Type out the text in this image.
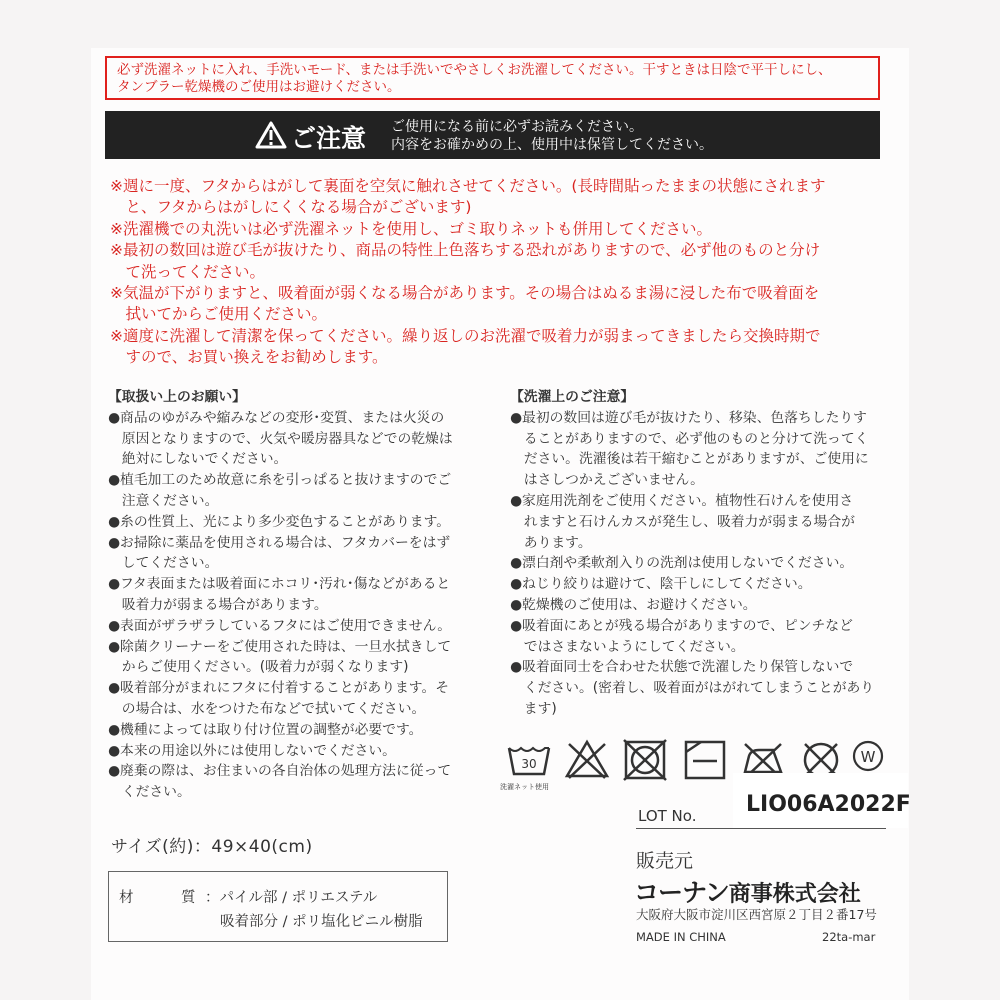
必ず洗濯ネットに入れ、手洗いモード、または手洗いでやさしくお洗濯してください。干すときは日陰で平干しにし、
タンブラー乾燥機のご使用はお避けください。
ご注意 ご使用になる前に必ずお読みください。
内容をお確かめの上、使用中は保管してください。
※週に一度、フタからはがして裏面を空気に触れさせてください。(長時間貼ったままの状態にされます
　と、フタからはがしにくくなる場合がございます)
※洗濯機での丸洗いは必ず洗濯ネットを使用し、ゴミ取りネットも併用してください。
※最初の数回は遊び毛が抜けたり、商品の特性上色落ちする恐れがありますので、必ず他のものと分け
　て洗ってください。
※気温が下がりますと、吸着面が弱くなる場合があります。その場合はぬるま湯に浸した布で吸着面を
　拭いてからご使用ください。
※適度に洗濯して清潔を保ってください。繰り返しのお洗濯で吸着力が弱まってきましたら交換時期で
　すので、お買い換えをお勧めします。
【取扱い上のお願い】
●商品のゆがみや縮みなどの変形･変質、または火災の
　原因となりますので、火気や暖房器具などでの乾燥は
　絶対にしないでください。
●植毛加工のため故意に糸を引っぱると抜けますのでご
　注意ください。
●糸の性質上、光により多少変色することがあります。
●お掃除に薬品を使用される場合は、フタカバーをはず
　してください。
●フタ表面または吸着面にホコリ･汚れ･傷などがあると
　吸着力が弱まる場合があります。
●表面がザラザラしているフタにはご使用できません。
●除菌クリーナーをご使用された時は、一旦水拭きして
　からご使用ください。(吸着力が弱くなります)
●吸着部分がまれにフタに付着することがあります。そ
　の場合は、水をつけた布などで拭いてください。
●機種によっては取り付け位置の調整が必要です。
●本来の用途以外には使用しないでください。
●廃棄の際は、お住まいの各自治体の処理方法に従って
　ください。
【洗濯上のご注意】
●最初の数回は遊び毛が抜けたり、移染、色落ちしたりす
　ることがありますので、必ず他のものと分けて洗ってく
　ださい。洗濯後は若干縮むことがありますが、ご使用に
　はさしつかえございません。
●家庭用洗剤をご使用ください。植物性石けんを使用さ
　れますと石けんカスが発生し、吸着力が弱まる場合が
　あります。
●漂白剤や柔軟剤入りの洗剤は使用しないでください。
●ねじり絞りは避けて、陰干しにしてください。
●乾燥機のご使用は、お避けください。
●吸着面にあとが残る場合がありますので、ピンチなど
　ではさまないようにしてください。
●吸着面同士を合わせた状態で洗濯したり保管しないで
　ください。(密着し、吸着面がはがれてしまうことがあり
　ます)
30	W
洗濯ネット使用
LOT No. LIO06A2022F
サイズ(約)：49×40(cm)
材	質 ：パイル部 / ポリエステル
吸着部分 / ポリ塩化ビニル樹脂
販売元
コーナン商事株式会社
大阪府大阪市淀川区西宮原２丁目２番17号
MADE IN CHINA	22ta-mar
